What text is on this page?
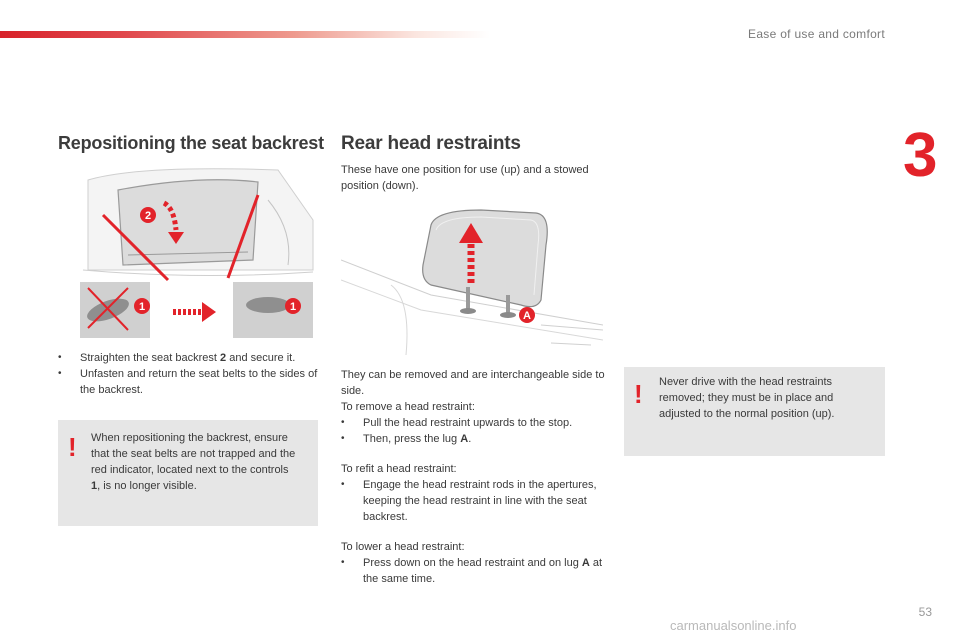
Ease of use and comfort
3
Repositioning the seat backrest
2
1	1
•	Straighten the seat backrest 2 and secure it.
•	Unfasten and return the seat belts to the sides of the backrest.
! When repositioning the backrest, ensure that the seat belts are not trapped and the red indicator, located next to the controls 1, is no longer visible.
Rear head restraints

These have one position for use (up) and a stowed position (down).

A
They can be removed and are interchangeable side to side.
To remove a head restraint:
•	Pull the head restraint upwards to the stop.
•	Then, press the lug A.
To refit a head restraint:
•	Engage the head restraint rods in the apertures, keeping the head restraint in line with the seat backrest.
To lower a head restraint:
•	Press down on the head restraint and on lug A at the same time.
! Never drive with the head restraints removed; they must be in place and adjusted to the normal position (up).
53
carmanualsonline.info
